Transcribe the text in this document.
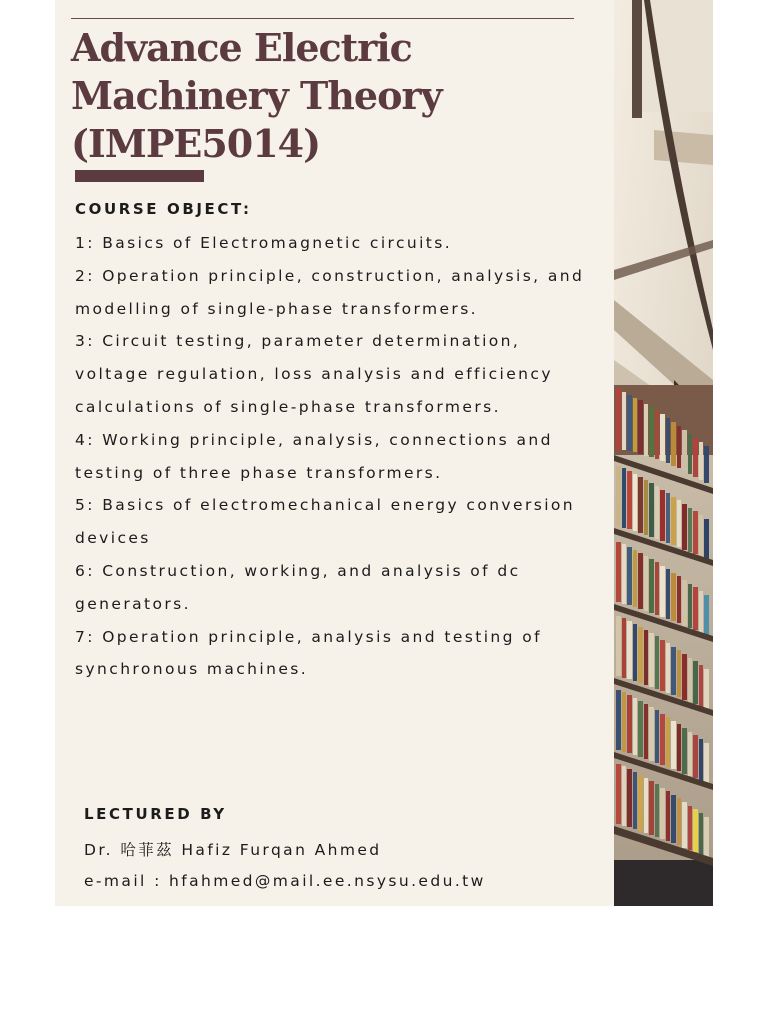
Advance Electric Machinery Theory (IMPE5014)
COURSE OBJECT:
1: Basics of Electromagnetic circuits.
2: Operation principle, construction, analysis, and modelling of single-phase transformers.
3: Circuit testing, parameter determination, voltage regulation, loss analysis and efficiency calculations of single-phase transformers.
4: Working principle, analysis, connections and testing of three phase transformers.
5: Basics of electromechanical energy conversion devices
6: Construction, working, and analysis of dc generators.
7: Operation principle, analysis and testing of synchronous machines.
LECTURED BY
Dr. 哈菲茲 Hafiz Furqan Ahmed
e-mail : hfahmed@mail.ee.nsysu.edu.tw
